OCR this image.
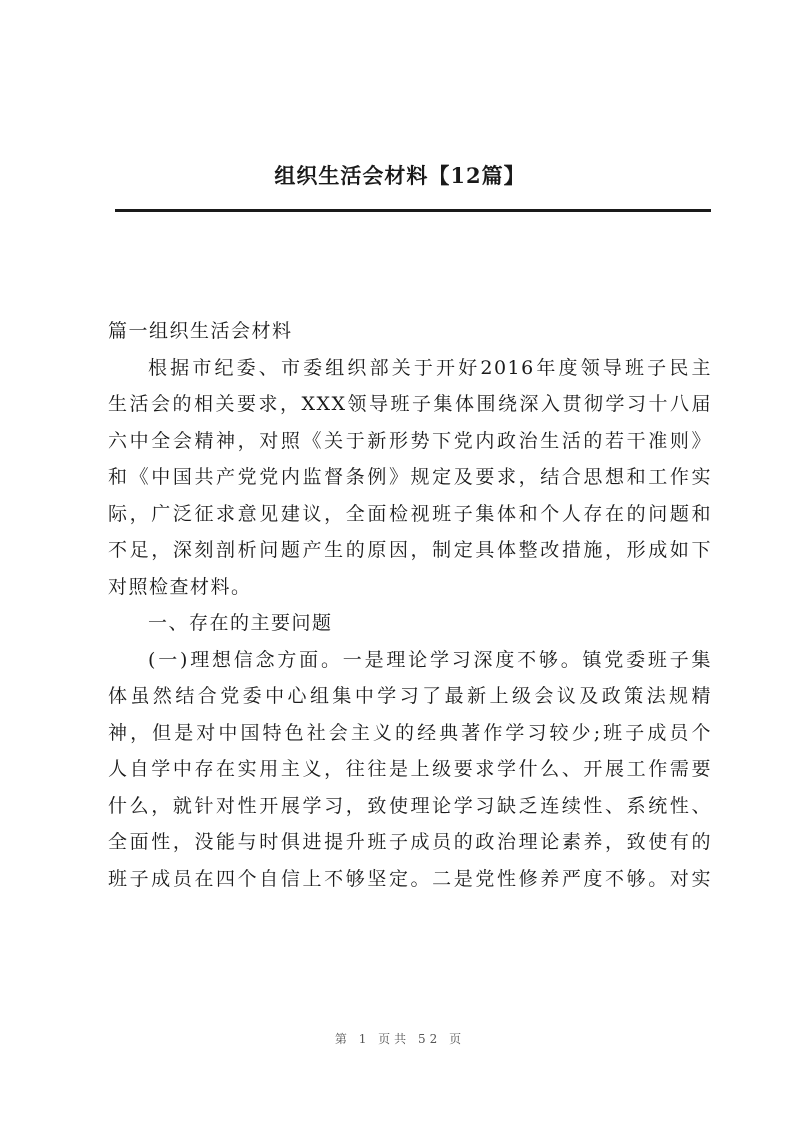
组织生活会材料【12篇】
篇一组织生活会材料
根据市纪委、市委组织部关于开好2016年度领导班子民主
生活会的相关要求，XXX领导班子集体围绕深入贯彻学习十八届
六中全会精神，对照《关于新形势下党内政治生活的若干准则》
和《中国共产党党内监督条例》规定及要求，结合思想和工作实
际，广泛征求意见建议，全面检视班子集体和个人存在的问题和
不足，深刻剖析问题产生的原因，制定具体整改措施，形成如下
对照检查材料。
一、存在的主要问题
(一)理想信念方面。一是理论学习深度不够。镇党委班子集
体虽然结合党委中心组集中学习了最新上级会议及政策法规精
神，但是对中国特色社会主义的经典著作学习较少;班子成员个
人自学中存在实用主义，往往是上级要求学什么、开展工作需要
什么，就针对性开展学习，致使理论学习缺乏连续性、系统性、
全面性，没能与时俱进提升班子成员的政治理论素养，致使有的
班子成员在四个自信上不够坚定。二是党性修养严度不够。对实
第 1 页共 52 页
